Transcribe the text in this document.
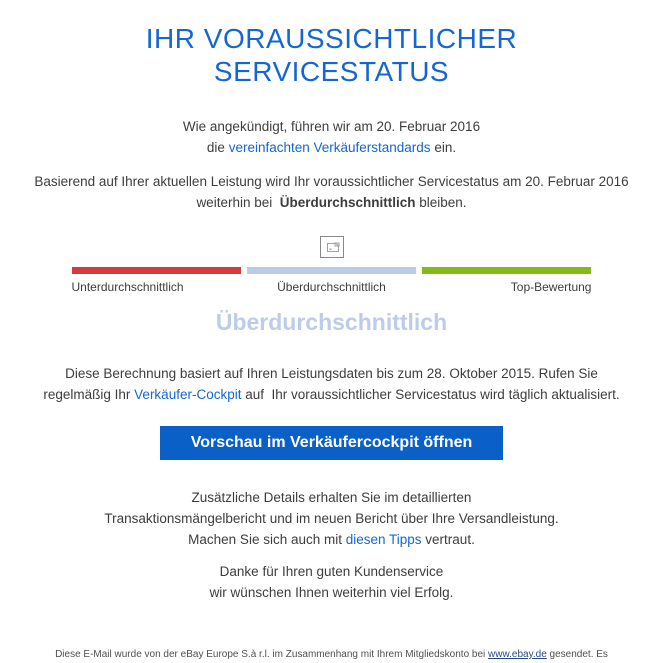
IHR VORAUSSICHTLICHER
SERVICESTATUS

Wie angekündigt, führen wir am 20. Februar 2016
die vereinfachten Verkäuferstandards ein.

Basierend auf Ihrer aktuellen Leistung wird Ihr voraussichtlicher Servicestatus am 20. Februar 2016
weiterhin bei  Überdurchschnittlich bleiben.

Unterdurchschnittlich	Überdurchschnittlich	Top-Bewertung
Überdurchschnittlich

Diese Berechnung basiert auf Ihren Leistungsdaten bis zum 28. Oktober 2015. Rufen Sie
regelmäßig Ihr Verkäufer-Cockpit auf  Ihr voraussichtlicher Servicestatus wird täglich aktualisiert.

Vorschau im Verkäufercockpit öffnen

Zusätzliche Details erhalten Sie im detaillierten
Transaktionsmängelbericht und im neuen Bericht über Ihre Versandleistung.
Machen Sie sich auch mit diesen Tipps vertraut.

Danke für Ihren guten Kundenservice
wir wünschen Ihnen weiterhin viel Erfolg.

Diese E-Mail wurde von der eBay Europe S.à r.l. im Zusammenhang mit Ihrem Mitgliedskonto bei www.ebay.de gesendet. Es
